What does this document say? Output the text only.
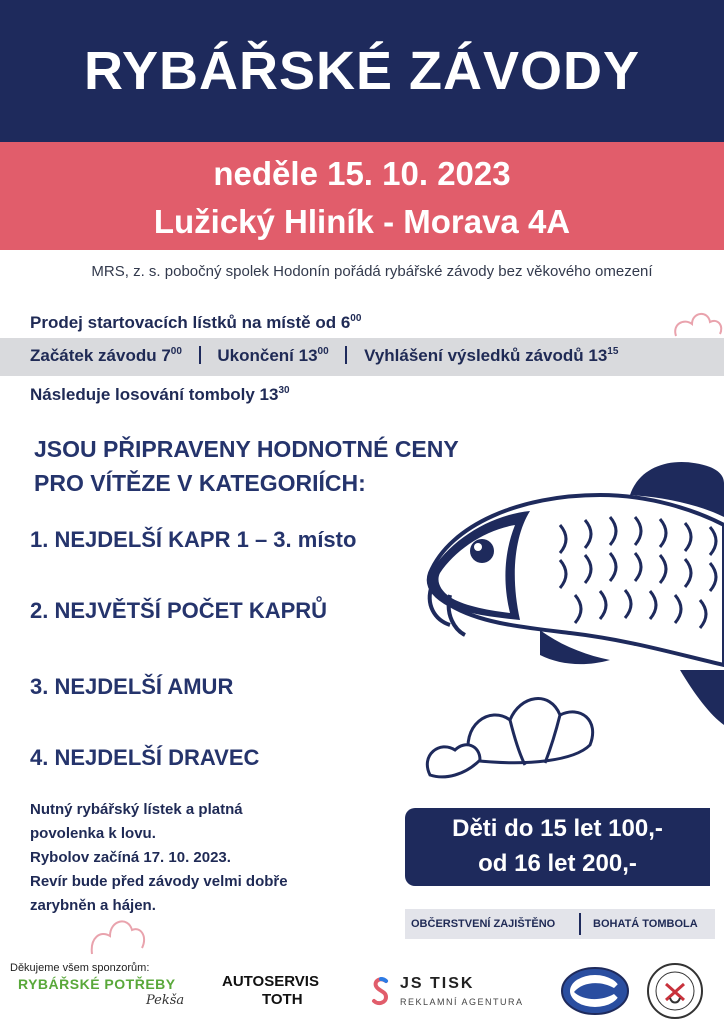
RYBÁŘSKÉ ZÁVODY
neděle 15. 10. 2023
Lužický Hliník - Morava 4A
MRS, z. s. pobočný spolek Hodonín pořádá rybářské závody bez věkového omezení
Prodej startovacích lístků na místě od $6^{00}$
Začátek závodu $7^{00}$ Ukončení $13^{00}$ Vyhlášení výsledků závodů $13^{15}$
Následuje losování tomboly $13^{30}$
JSOU PŘIPRAVENY HODNOTNÉ CENY
PRO VÍTĚZE V KATEGORIÍCH:
1. NEJDELŠÍ KAPR 1 – 3. místo
2. NEJVĚTŠÍ POČET KAPRŮ
3. NEJDELŠÍ AMUR
4. NEJDELŠÍ DRAVEC
Nutný rybářský lístek a platná
povolenka k lovu.
Rybolov začíná 17. 10. 2023.
Revír bude před závody velmi dobře
zarybněn a hájen.
Děti do 15 let 100,-
od 16 let 200,-
OBČERSTVENÍ ZAJIŠTĚNO	BOHATÁ TOMBOLA
Děkujeme všem sponzorům:
RYBÁŘSKÉ POTŘEBY
Pekša
AUTOSERVIS
TOTH
JS TISK
REKLAMNÍ AGENTURA
